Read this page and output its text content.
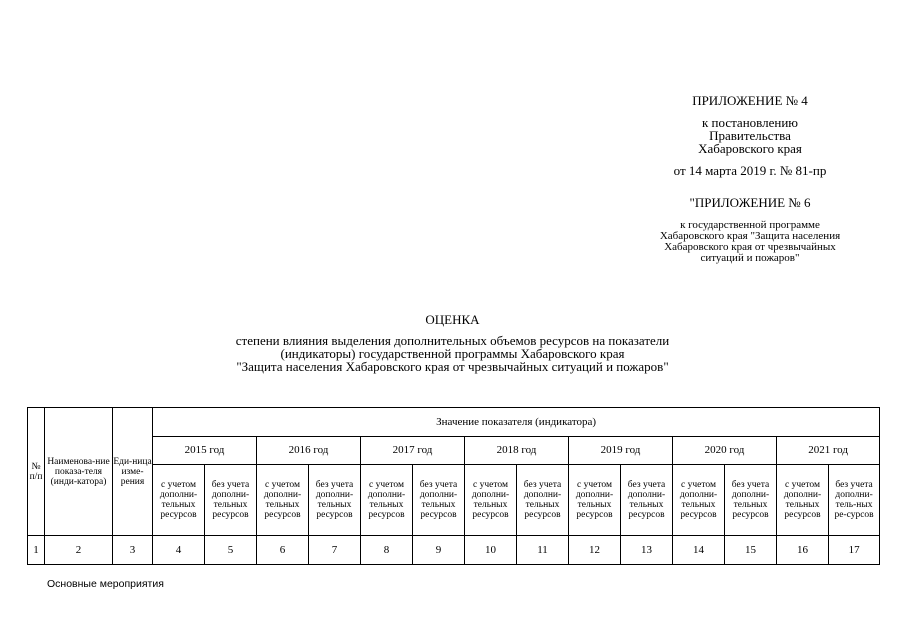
ПРИЛОЖЕНИЕ № 4
к постановлению
Правительства
Хабаровского края
от 14 марта 2019 г. № 81-пр
"ПРИЛОЖЕНИЕ № 6
к государственной программе
Хабаровского края "Защита населения
Хабаровского края от чрезвычайных
ситуаций и пожаров"
ОЦЕНКА
степени влияния выделения дополнительных объемов ресурсов на показатели
(индикаторы) государственной программы Хабаровского края
"Защита населения Хабаровского края от чрезвычайных ситуаций и пожаров"
№ п/п	Наименова-ние показа-теля (инди-катора)	Еди-ница изме-рения	Значение показателя (индикатора)													
			2015 год		2016 год		2017 год		2018 год		2019 год		2020 год		2021 год	
			с учетом дополни-тельных ресурсов	без учета дополни-тельных ресурсов	с учетом дополни-тельных ресурсов	без учета дополни-тельных ресурсов	с учетом дополни-тельных ресурсов	без учета дополни-тельных ресурсов	с учетом дополни-тельных ресурсов	без учета дополни-тельных ресурсов	с учетом дополни-тельных ресурсов	без учета дополни-тельных ресурсов	с учетом дополни-тельных ресурсов	без учета дополни-тельных ресурсов	с учетом дополни-тельных ресурсов	без учета дополни-тель-ных ре-сурсов
1	2	3	4	5	6	7	8	9	10	11	12	13	14	15	16	17
Основные мероприятия
